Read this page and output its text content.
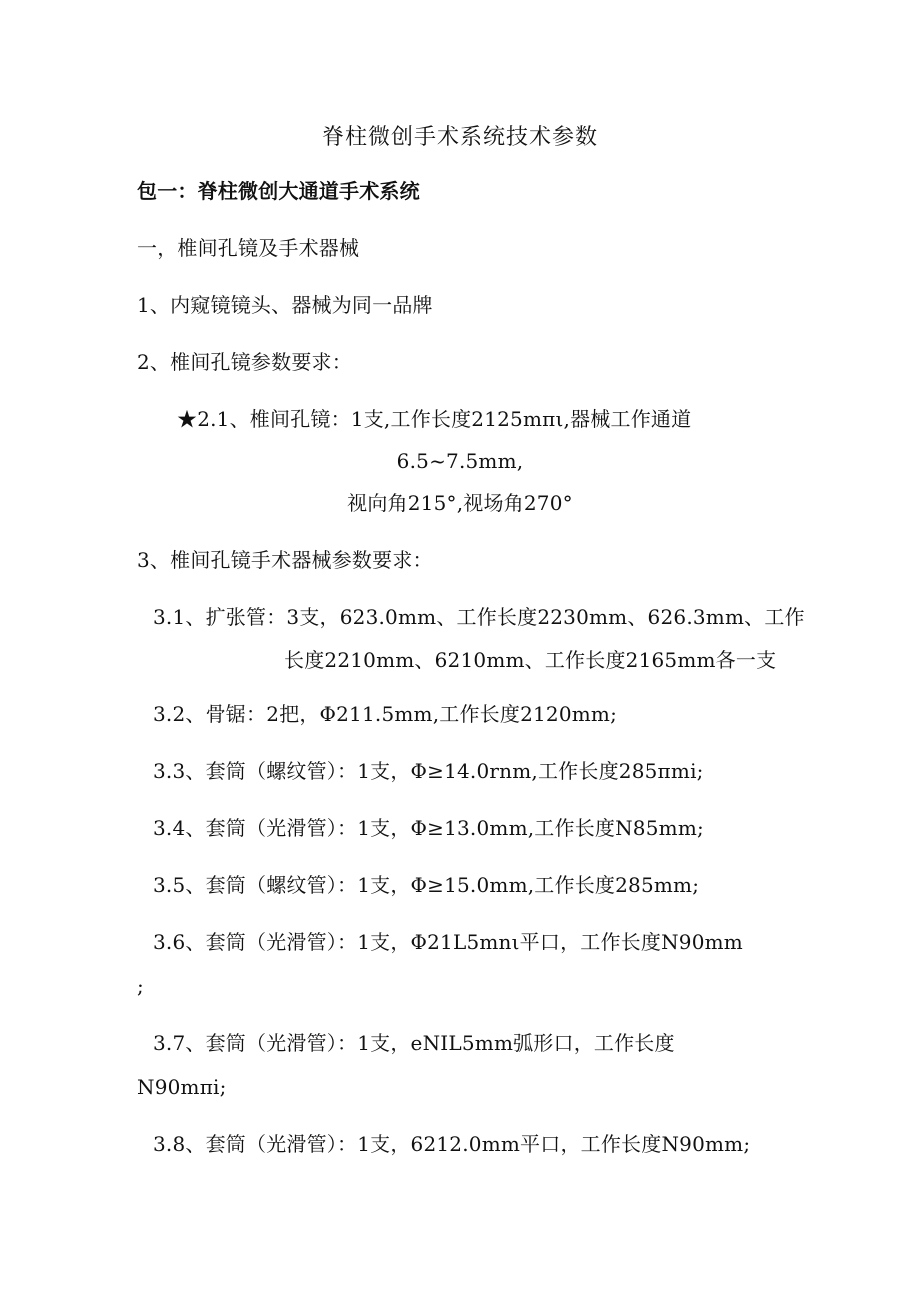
脊柱微创手术系统技术参数
包一：脊柱微创大通道手术系统
一，椎间孔镜及手术器械
1、内窥镜镜头、器械为同一品牌
2、椎间孔镜参数要求：
★2.1、椎间孔镜：1支,工作长度2125mπι,器械工作通道
6.5~7.5mm,
视向角215°,视场角270°
3、椎间孔镜手术器械参数要求：
3.1、扩张管：3支，623.0mm、工作长度2230mm、626.3mm、工作
长度2210mm、6210mm、工作长度2165mm各一支
3.2、骨锯：2把，Φ211.5mm,工作长度2120mm;
3.3、套筒（螺纹管）：1支，Φ≥14.0rnm,工作长度285πmi;
3.4、套筒（光滑管）：1支，Φ≥13.0mm,工作长度N85mm;
3.5、套筒（螺纹管）：1支，Φ≥15.0mm,工作长度285mm;
3.6、套筒（光滑管）：1支，Φ21L5mnι平口，工作长度N90mm
;
3.7、套筒（光滑管）：1支，eNIL5mm弧形口，工作长度
N90mπi;
3.8、套筒（光滑管）：1支，6212.0mm平口，工作长度N90mm;
